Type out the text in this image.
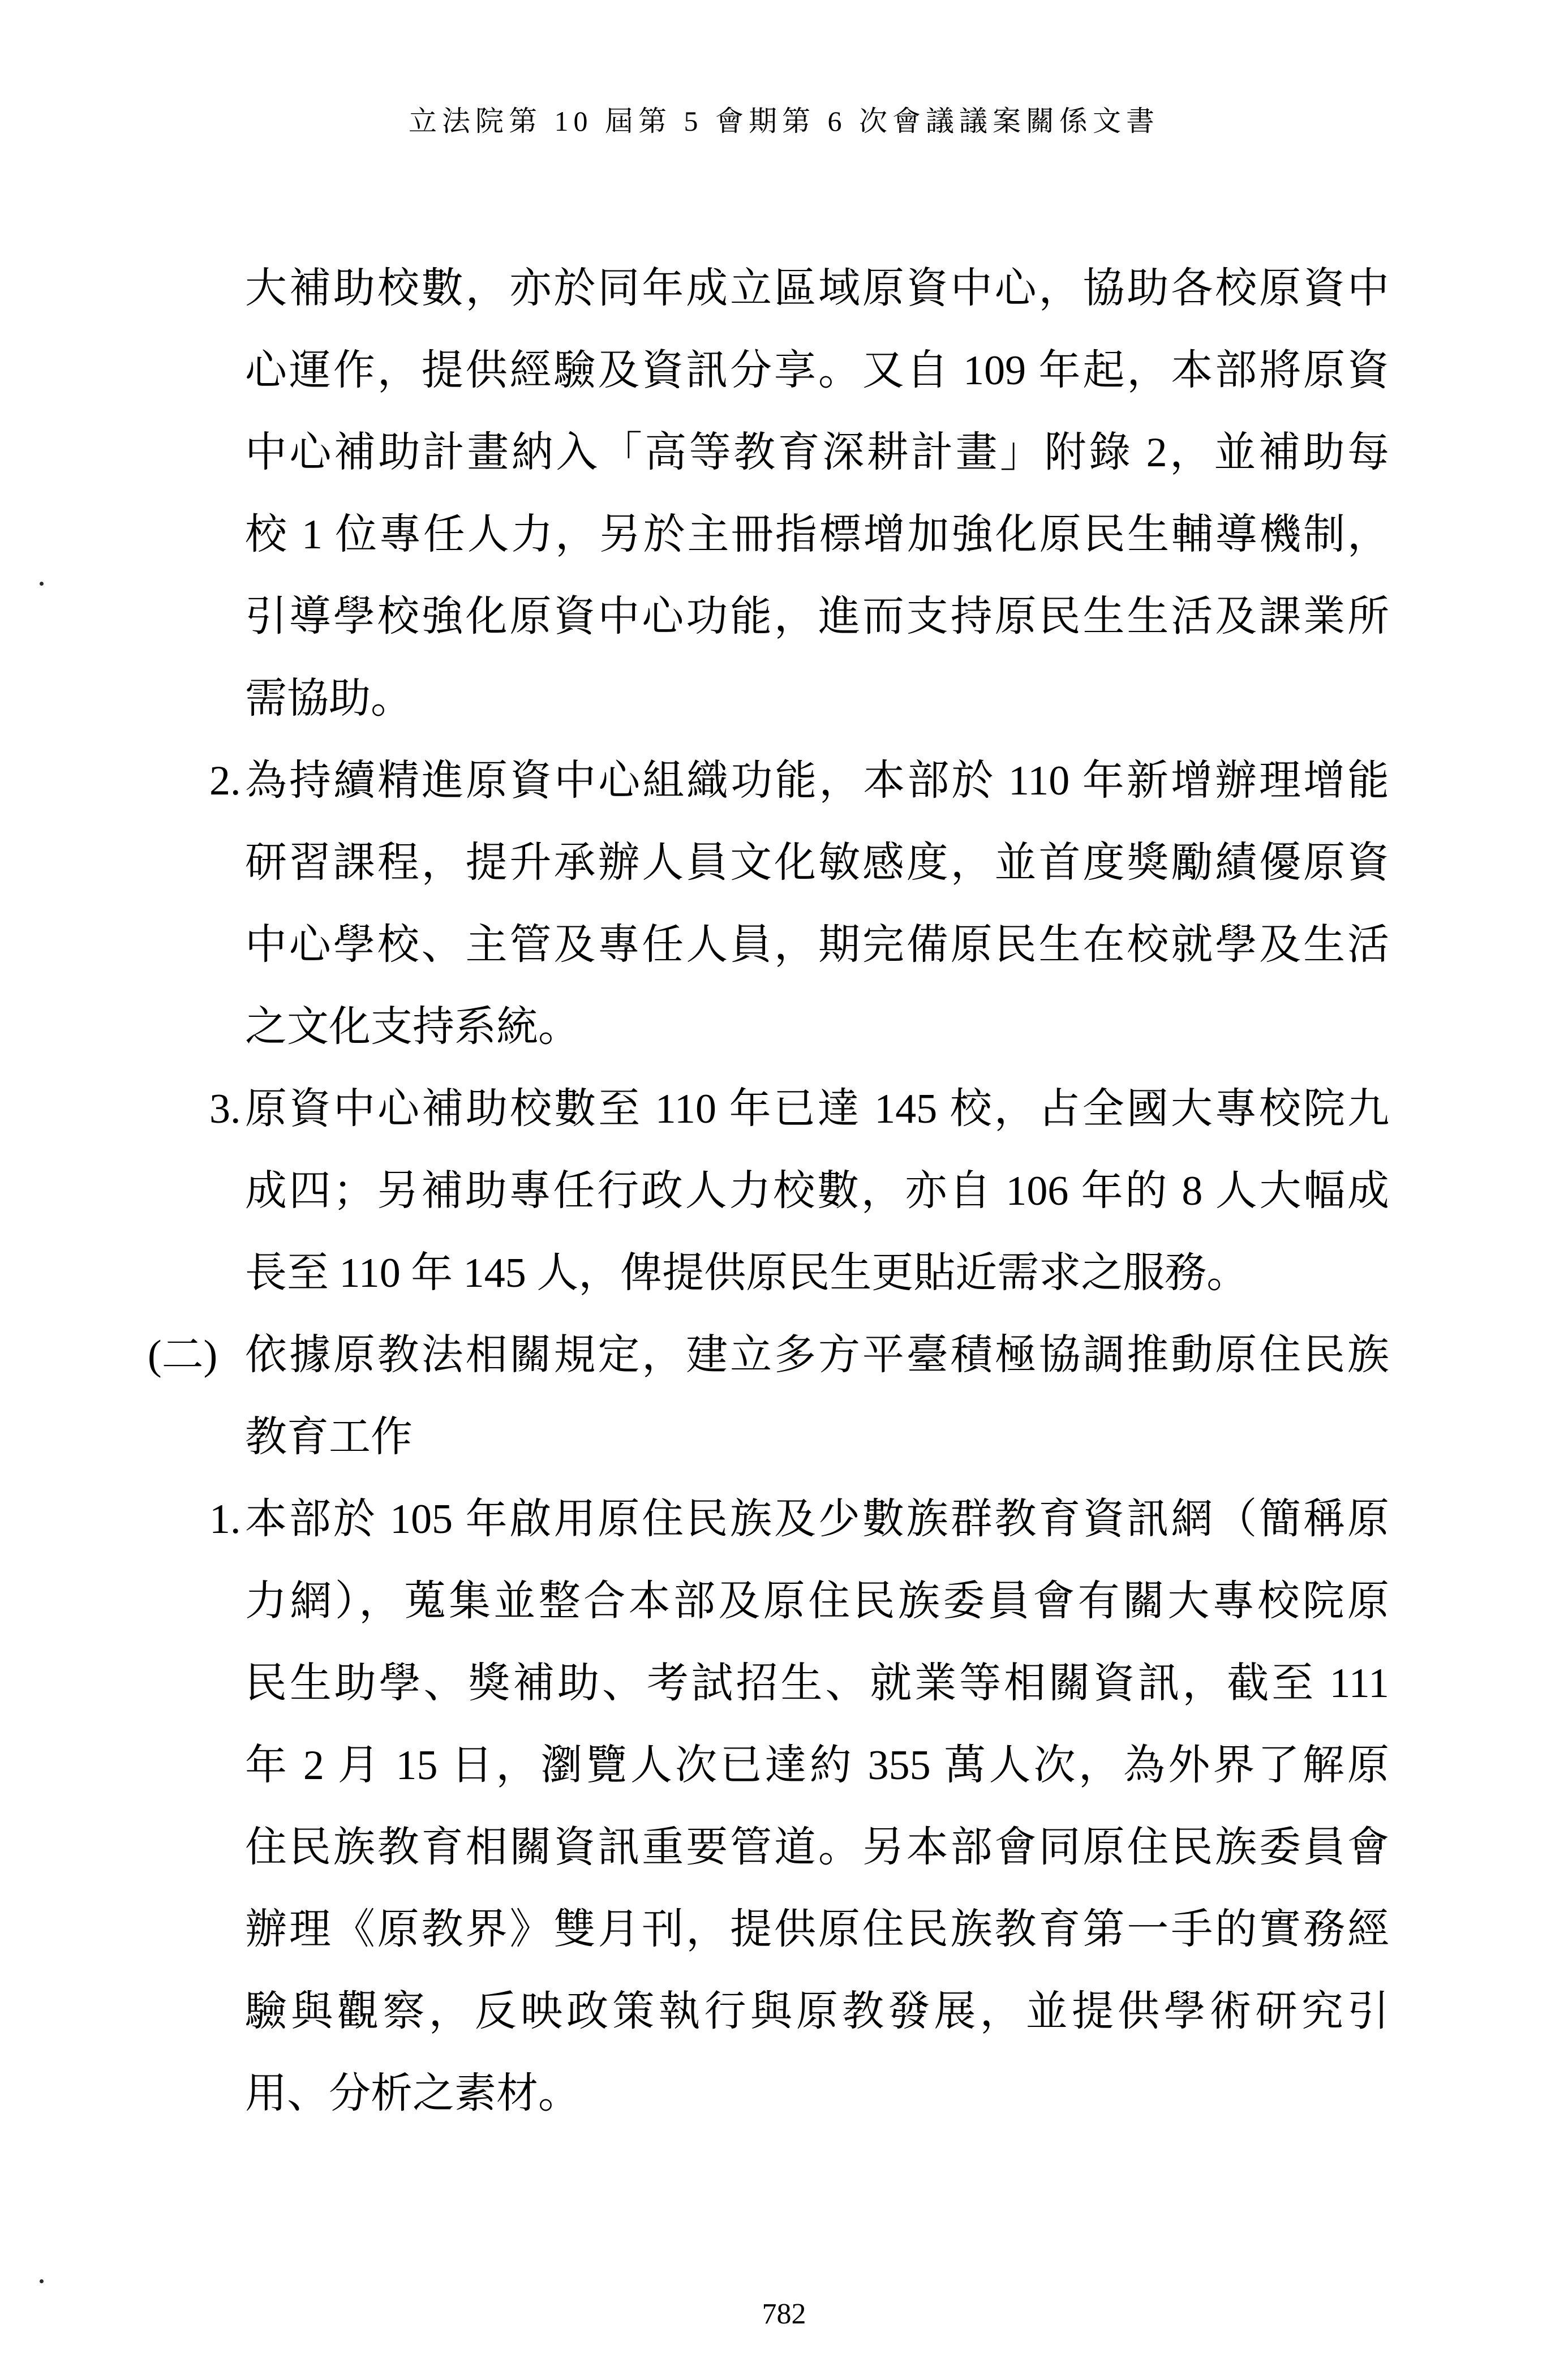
立法院第 10 屆第 5 會期第 6 次會議議案關係文書
大補助校數，亦於同年成立區域原資中心，協助各校原資中
心運作，提供經驗及資訊分享。又自 109 年起，本部將原資
中心補助計畫納入「高等教育深耕計畫」附錄 2，並補助每
校 1 位專任人力，另於主冊指標增加強化原民生輔導機制，
引導學校強化原資中心功能，進而支持原民生生活及課業所
需協助。
2. 為持續精進原資中心組織功能，本部於 110 年新增辦理增能
研習課程，提升承辦人員文化敏感度，並首度獎勵績優原資
中心學校、主管及專任人員，期完備原民生在校就學及生活
之文化支持系統。
3. 原資中心補助校數至 110 年已達 145 校，占全國大專校院九
成四；另補助專任行政人力校數，亦自 106 年的 8 人大幅成
長至 110 年 145 人，俾提供原民生更貼近需求之服務。
(二) 依據原教法相關規定，建立多方平臺積極協調推動原住民族
教育工作
1. 本部於 105 年啟用原住民族及少數族群教育資訊網（簡稱原
力網），蒐集並整合本部及原住民族委員會有關大專校院原
民生助學、獎補助、考試招生、就業等相關資訊，截至 111
年 2 月 15 日，瀏覽人次已達約 355 萬人次，為外界了解原
住民族教育相關資訊重要管道。另本部會同原住民族委員會
辦理《原教界》雙月刊，提供原住民族教育第一手的實務經
驗與觀察，反映政策執行與原教發展，並提供學術研究引
用、分析之素材。
782
